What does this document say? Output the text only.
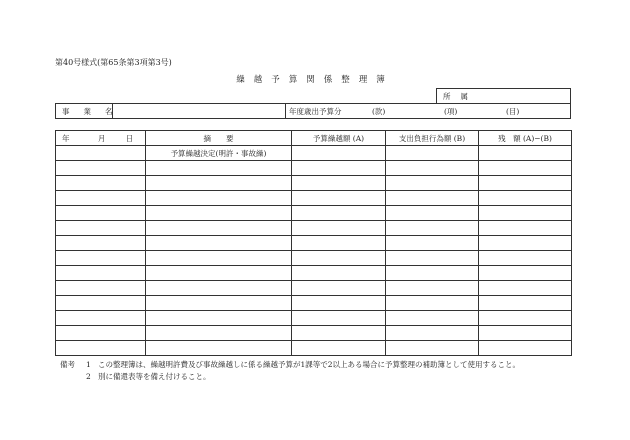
第40号様式(第65条第3項第3号)
繰越予算関係整理簿
所属
事業名	年度歳出予算分	(款)	(項)	(目)
年 月 日	摘　　要	予算繰越額 (A)	支出負担行為額 (B)	残　額 (A)−(B)
	予算繰越決定(明許・事故繰)			

備考 1 この整理簿は、繰越明許費及び事故繰越しに係る繰越予算が1課等で2以上ある場合に予算整理の補助簿として使用すること。
2 別に備還表等を備え付けること。
